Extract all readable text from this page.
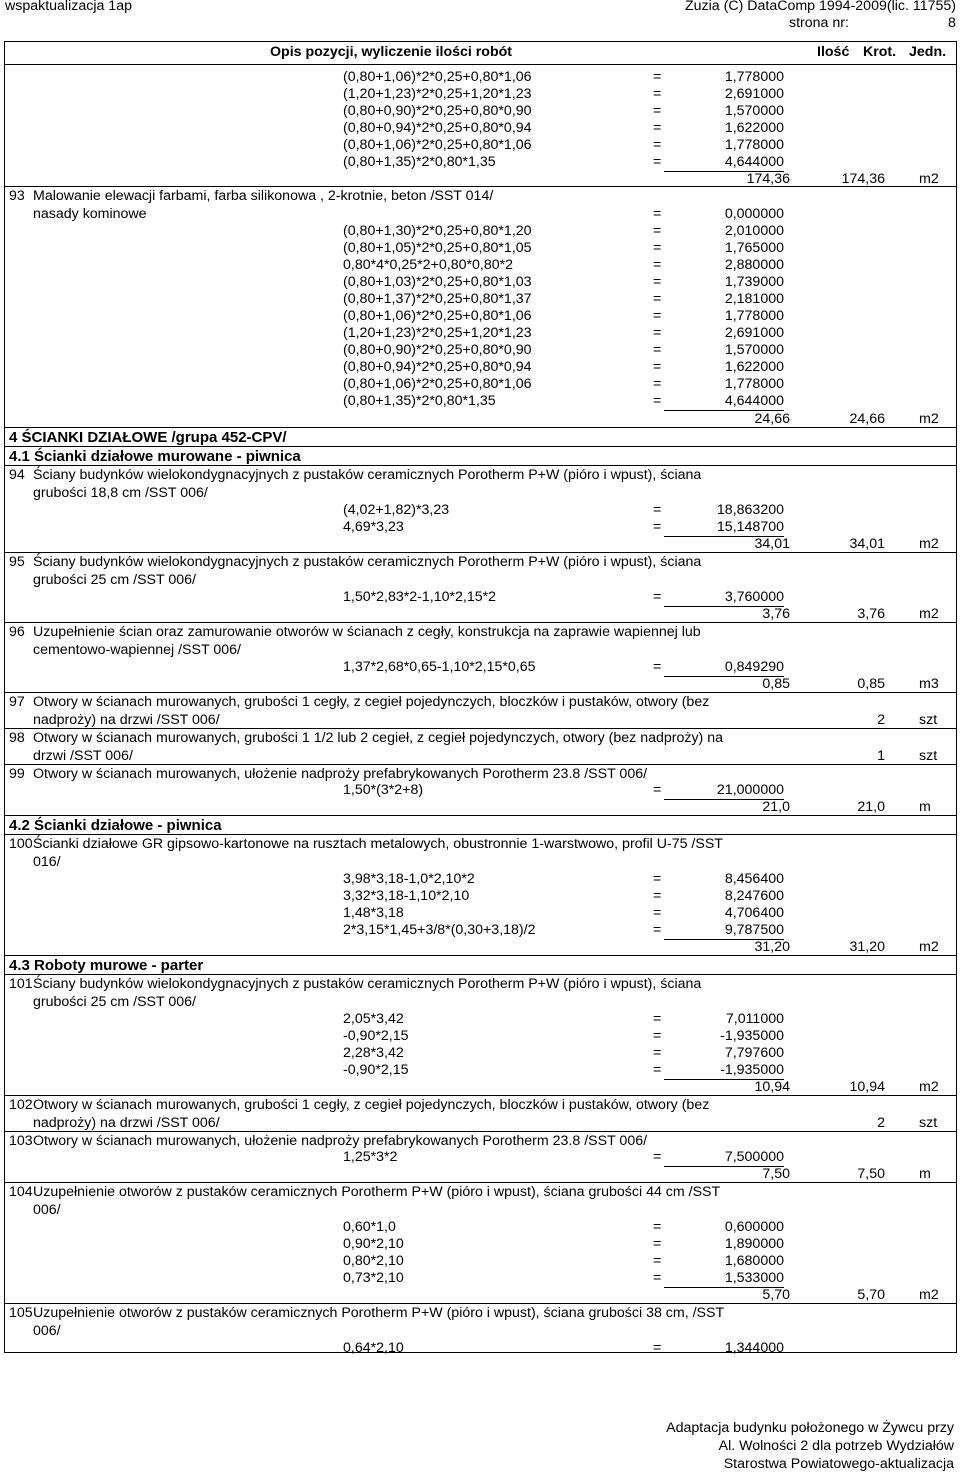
wspaktualizacja 1ap	Zuzia (C) DataComp 1994-2009(lic. 11755)
strona nr:	8
Opis pozycji, wyliczenie ilości robót	Ilość Krot. Jedn.
(0,80+1,06)*2*0,25+0,80*1,06	=	1,778000
(1,20+1,23)*2*0,25+1,20*1,23	=	2,691000
(0,80+0,90)*2*0,25+0,80*0,90	=	1,570000
(0,80+0,94)*2*0,25+0,80*0,94	=	1,622000
(0,80+1,06)*2*0,25+0,80*1,06	=	1,778000
(0,80+1,35)*2*0,80*1,35	=	4,644000
174,36	174,36 m2
93 Malowanie elewacji farbami, farba silikonowa , 2-krotnie, beton /SST 014/
nasady kominowe	=	0,000000
(0,80+1,30)*2*0,25+0,80*1,20	=	2,010000
(0,80+1,05)*2*0,25+0,80*1,05	=	1,765000
0,80*4*0,25*2+0,80*0,80*2	=	2,880000
(0,80+1,03)*2*0,25+0,80*1,03	=	1,739000
(0,80+1,37)*2*0,25+0,80*1,37	=	2,181000
(0,80+1,06)*2*0,25+0,80*1,06	=	1,778000
(1,20+1,23)*2*0,25+1,20*1,23	=	2,691000
(0,80+0,90)*2*0,25+0,80*0,90	=	1,570000
(0,80+0,94)*2*0,25+0,80*0,94	=	1,622000
(0,80+1,06)*2*0,25+0,80*1,06	=	1,778000
(0,80+1,35)*2*0,80*1,35	=	4,644000
24,66	24,66 m2
4 ŚCIANKI DZIAŁOWE /grupa 452-CPV/
4.1 Ścianki działowe murowane - piwnica
94 Ściany budynków wielokondygnacyjnych z pustaków ceramicznych Porotherm P+W (pióro i wpust), ściana
grubości 18,8 cm /SST 006/
(4,02+1,82)*3,23	=	18,863200
4,69*3,23	=	15,148700
34,01	34,01 m2
95 Ściany budynków wielokondygnacyjnych z pustaków ceramicznych Porotherm P+W (pióro i wpust), ściana
grubości 25 cm /SST 006/
1,50*2,83*2-1,10*2,15*2	=	3,760000
3,76	3,76 m2
96 Uzupełnienie ścian oraz zamurowanie otworów w ścianach z cegły, konstrukcja na zaprawie wapiennej lub
cementowo-wapiennej /SST 006/
1,37*2,68*0,65-1,10*2,15*0,65	=	0,849290
0,85	0,85 m3
97 Otwory w ścianach murowanych, grubości 1 cegły, z cegieł pojedynczych, bloczków i pustaków, otwory (bez
nadproży) na drzwi /SST 006/	2 szt
98 Otwory w ścianach murowanych, grubości 1 1/2 lub 2 cegieł, z cegieł pojedynczych, otwory (bez nadproży) na
drzwi /SST 006/	1 szt
99 Otwory w ścianach murowanych, ułożenie nadproży prefabrykowanych Porotherm 23.8 /SST 006/
1,50*(3*2+8)	=	21,000000
21,0	21,0 m
4.2 Ścianki działowe - piwnica
100 Ścianki działowe GR gipsowo-kartonowe na rusztach metalowych, obustronnie 1-warstwowo, profil U-75 /SST
016/
3,98*3,18-1,0*2,10*2	=	8,456400
3,32*3,18-1,10*2,10	=	8,247600
1,48*3,18	=	4,706400
2*3,15*1,45+3/8*(0,30+3,18)/2	=	9,787500
31,20	31,20 m2
4.3 Roboty murowe - parter
101 Ściany budynków wielokondygnacyjnych z pustaków ceramicznych Porotherm P+W (pióro i wpust), ściana
grubości 25 cm /SST 006/
2,05*3,42	=	7,011000
-0,90*2,15	=	-1,935000
2,28*3,42	=	7,797600
-0,90*2,15	=	-1,935000
10,94	10,94 m2
102 Otwory w ścianach murowanych, grubości 1 cegły, z cegieł pojedynczych, bloczków i pustaków, otwory (bez
nadproży) na drzwi /SST 006/	2 szt
103 Otwory w ścianach murowanych, ułożenie nadproży prefabrykowanych Porotherm 23.8 /SST 006/
1,25*3*2	=	7,500000
7,50	7,50 m
104 Uzupełnienie otworów z pustaków ceramicznych Porotherm P+W (pióro i wpust), ściana grubości 44 cm /SST
006/
0,60*1,0	=	0,600000
0,90*2,10	=	1,890000
0,80*2,10	=	1,680000
0,73*2,10	=	1,533000
5,70	5,70 m2
105 Uzupełnienie otworów z pustaków ceramicznych Porotherm P+W (pióro i wpust), ściana grubości 38 cm, /SST
006/
0,64*2,10	=	1,344000
Adaptacja budynku położonego w Żywcu przy
Al. Wolności 2 dla potrzeb Wydziałów
Starostwa Powiatowego-aktualizacja
